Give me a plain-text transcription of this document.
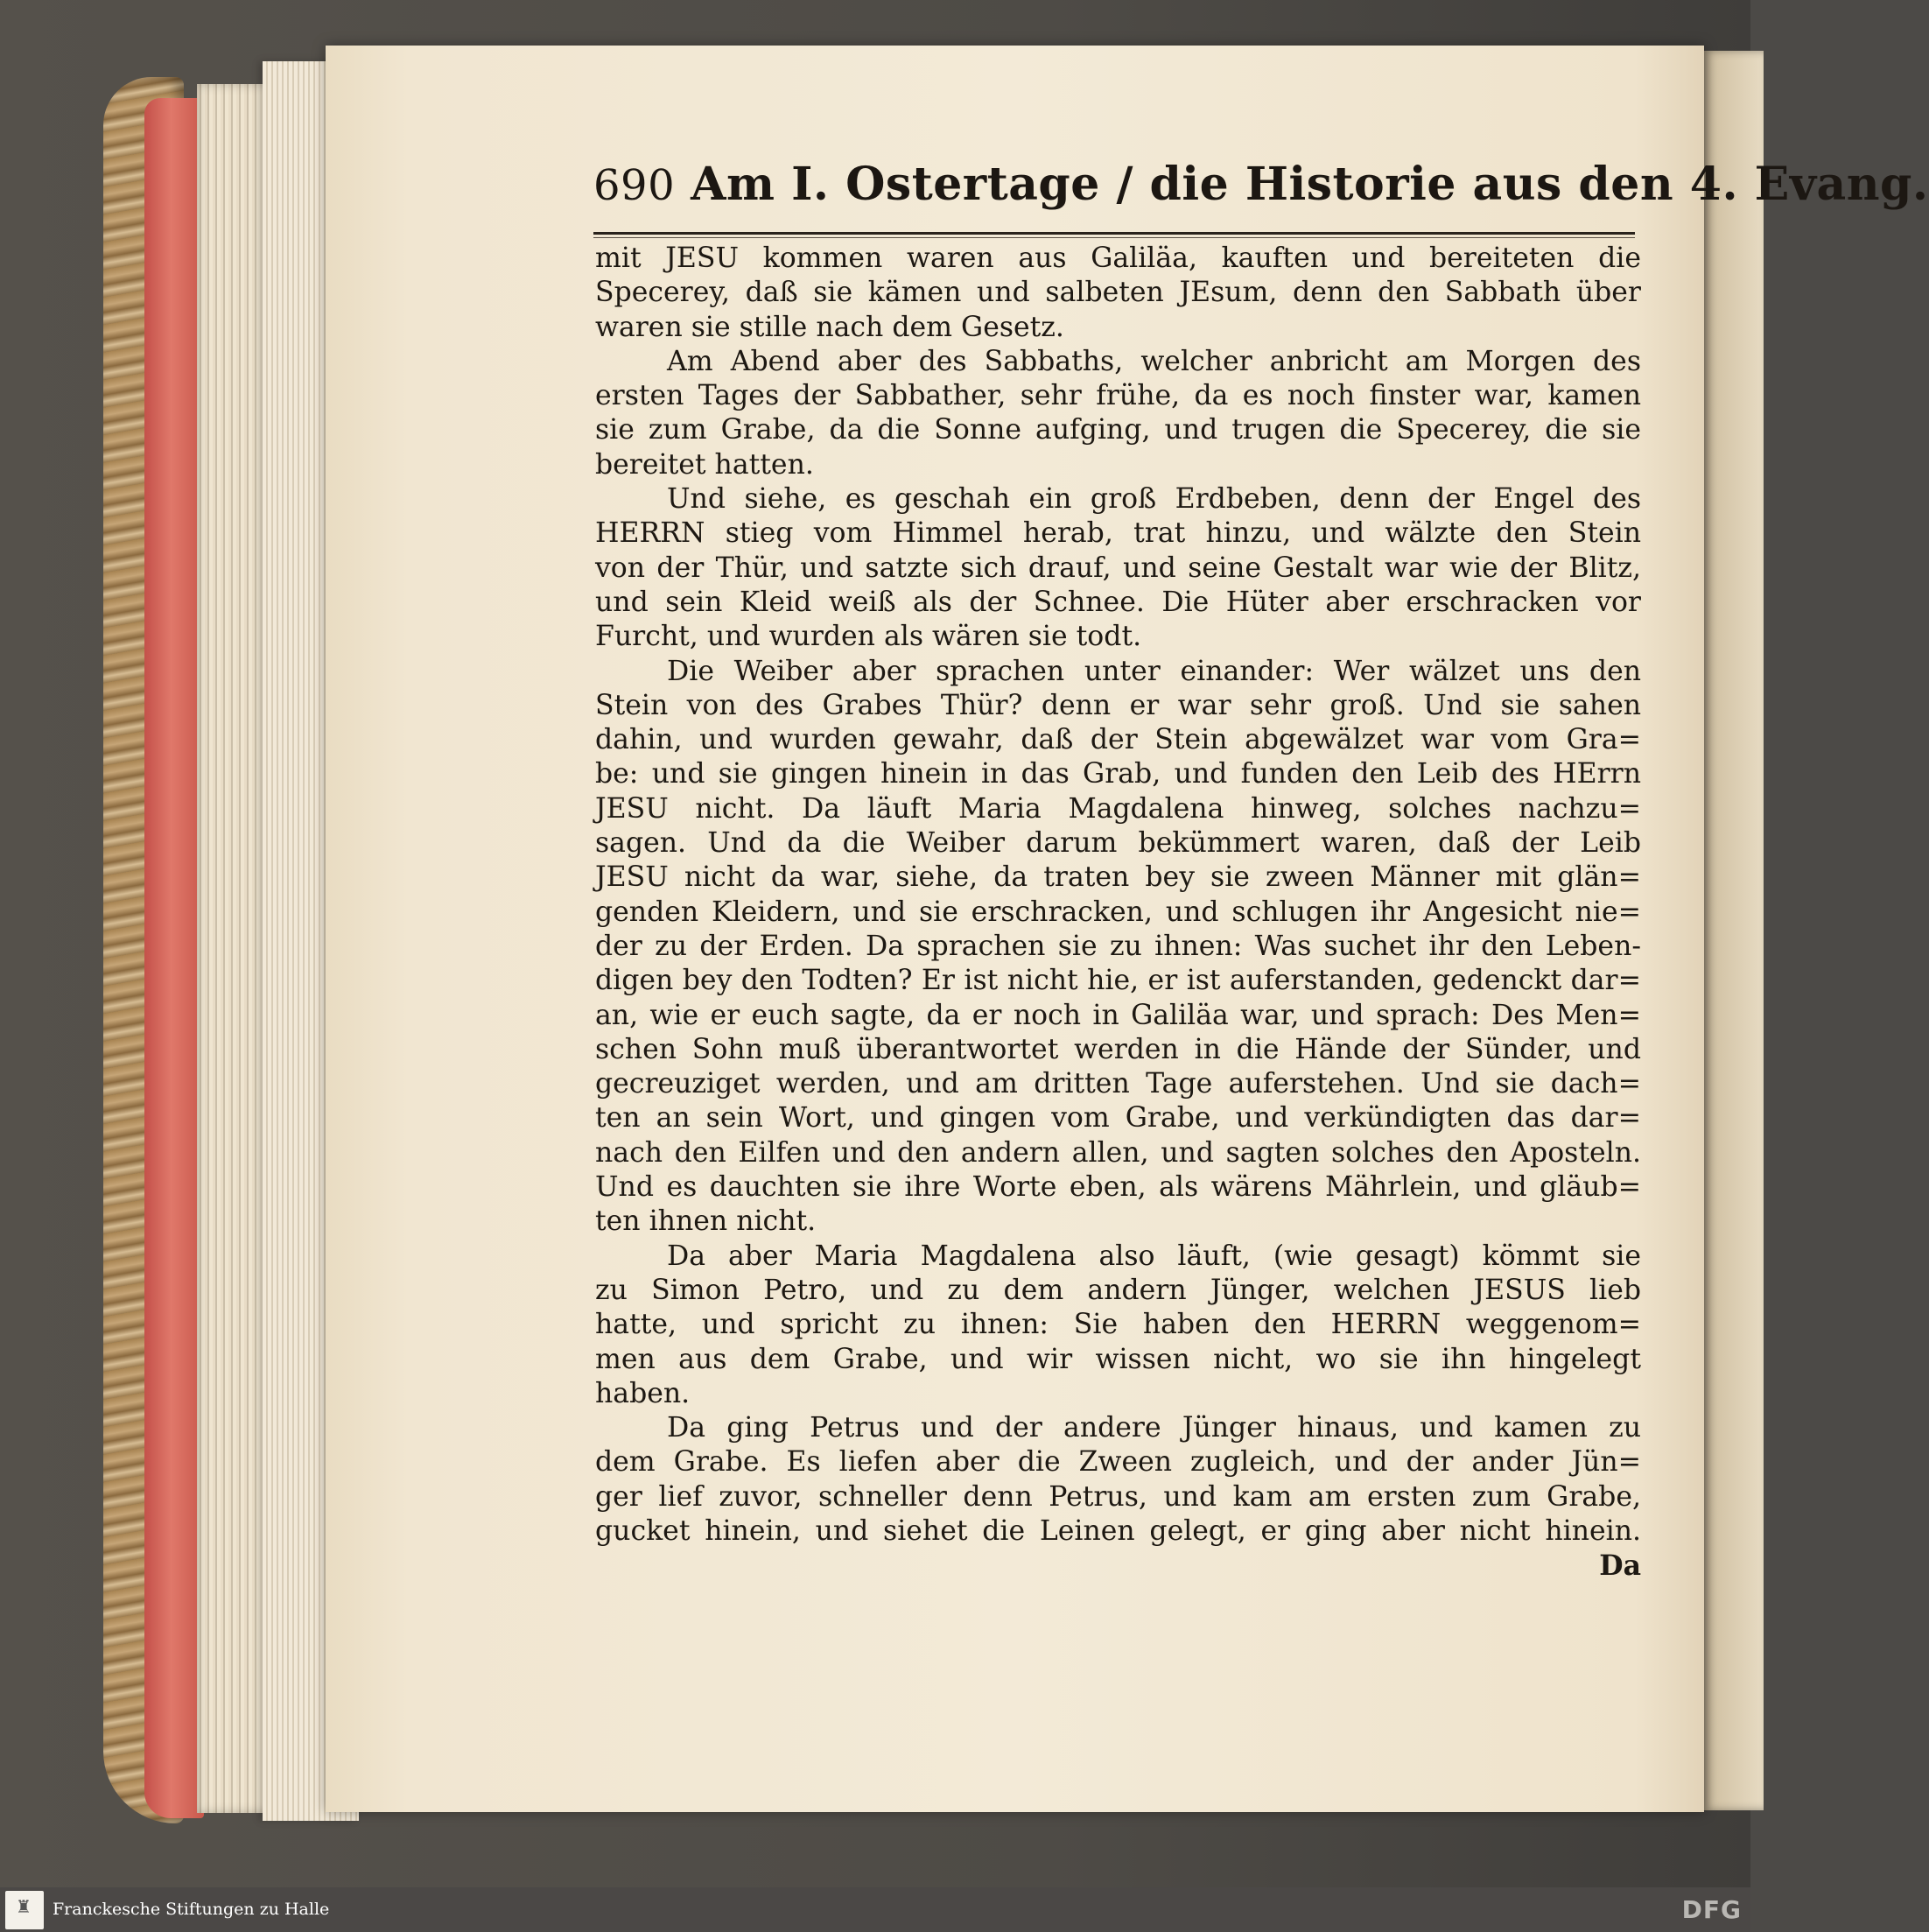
690 Am I. Ostertage / die Historie aus den 4. Evang.
mit JESU kommen waren aus Galiläa, kauften und bereiteten die
Specerey, daß sie kämen und salbeten JEsum, denn den Sabbath über
waren sie stille nach dem Gesetz.
Am Abend aber des Sabbaths, welcher anbricht am Morgen des
ersten Tages der Sabbather, sehr frühe, da es noch finster war, kamen
sie zum Grabe, da die Sonne aufging, und trugen die Specerey, die sie
bereitet hatten.
Und siehe, es geschah ein groß Erdbeben, denn der Engel des
HERRN stieg vom Himmel herab, trat hinzu, und wälzte den Stein
von der Thür, und satzte sich drauf, und seine Gestalt war wie der Blitz,
und sein Kleid weiß als der Schnee. Die Hüter aber erschracken vor
Furcht, und wurden als wären sie todt.
Die Weiber aber sprachen unter einander: Wer wälzet uns den
Stein von des Grabes Thür? denn er war sehr groß. Und sie sahen
dahin, und wurden gewahr, daß der Stein abgewälzet war vom Gra=
be: und sie gingen hinein in das Grab, und funden den Leib des HErrn
JESU nicht. Da läuft Maria Magdalena hinweg, solches nachzu=
sagen. Und da die Weiber darum bekümmert waren, daß der Leib
JESU nicht da war, siehe, da traten bey sie zween Männer mit glän=
genden Kleidern, und sie erschracken, und schlugen ihr Angesicht nie=
der zu der Erden. Da sprachen sie zu ihnen: Was suchet ihr den Leben-
digen bey den Todten? Er ist nicht hie, er ist auferstanden, gedenckt dar=
an, wie er euch sagte, da er noch in Galiläa war, und sprach: Des Men=
schen Sohn muß überantwortet werden in die Hände der Sünder, und
gecreuziget werden, und am dritten Tage auferstehen. Und sie dach=
ten an sein Wort, und gingen vom Grabe, und verkündigten das dar=
nach den Eilfen und den andern allen, und sagten solches den Aposteln.
Und es dauchten sie ihre Worte eben, als wärens Mährlein, und gläub=
ten ihnen nicht.
Da aber Maria Magdalena also läuft, (wie gesagt) kömmt sie
zu Simon Petro, und zu dem andern Jünger, welchen JESUS lieb
hatte, und spricht zu ihnen: Sie haben den HERRN weggenom=
men aus dem Grabe, und wir wissen nicht, wo sie ihn hingelegt
haben.
Da ging Petrus und der andere Jünger hinaus, und kamen zu
dem Grabe. Es liefen aber die Zween zugleich, und der ander Jün=
ger lief zuvor, schneller denn Petrus, und kam am ersten zum Grabe,
gucket hinein, und siehet die Leinen gelegt, er ging aber nicht hinein.
Da
♜ Franckesche Stiftungen zu Halle	DFG
